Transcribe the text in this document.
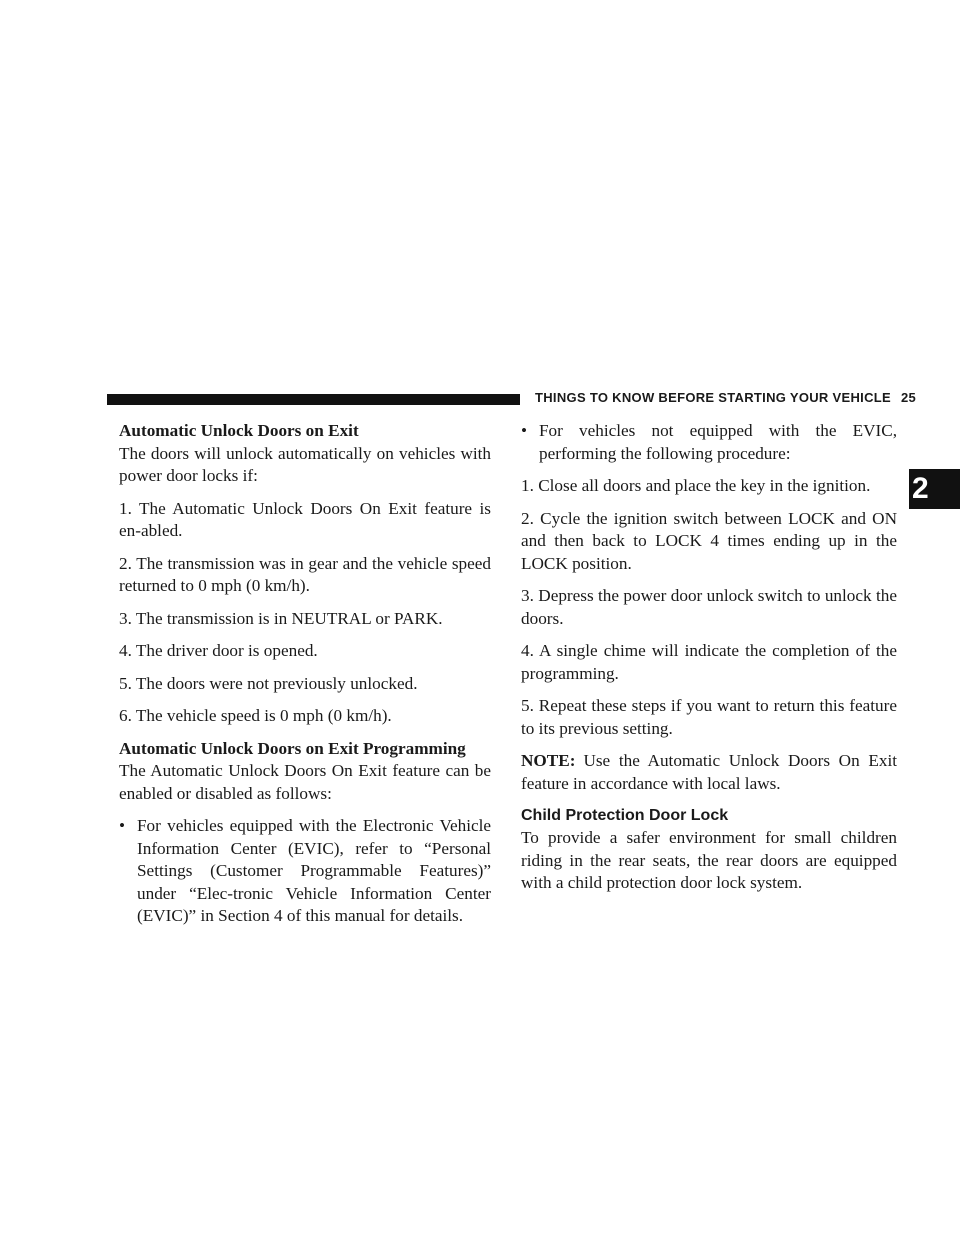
THINGS TO KNOW BEFORE STARTING YOUR VEHICLE 25
2
Automatic Unlock Doors on Exit

The doors will unlock automatically on vehicles with power door locks if:

1. The Automatic Unlock Doors On Exit feature is en-abled.

2. The transmission was in gear and the vehicle speed returned to 0 mph (0 km/h).

3. The transmission is in NEUTRAL or PARK.

4. The driver door is opened.

5. The doors were not previously unlocked.

6. The vehicle speed is 0 mph (0 km/h).

Automatic Unlock Doors on Exit Programming

The Automatic Unlock Doors On Exit feature can be enabled or disabled as follows:

• For vehicles equipped with the Electronic Vehicle Information Center (EVIC), refer to “Personal Settings (Customer Programmable Features)” under “Elec-tronic Vehicle Information Center (EVIC)” in Section 4 of this manual for details.
• For vehicles not equipped with the EVIC, performing the following procedure:

1. Close all doors and place the key in the ignition.

2. Cycle the ignition switch between LOCK and ON and then back to LOCK 4 times ending up in the LOCK position.

3. Depress the power door unlock switch to unlock the doors.

4. A single chime will indicate the completion of the programming.

5. Repeat these steps if you want to return this feature to its previous setting.

NOTE: Use the Automatic Unlock Doors On Exit feature in accordance with local laws.

Child Protection Door Lock

To provide a safer environment for small children riding in the rear seats, the rear doors are equipped with a child protection door lock system.
